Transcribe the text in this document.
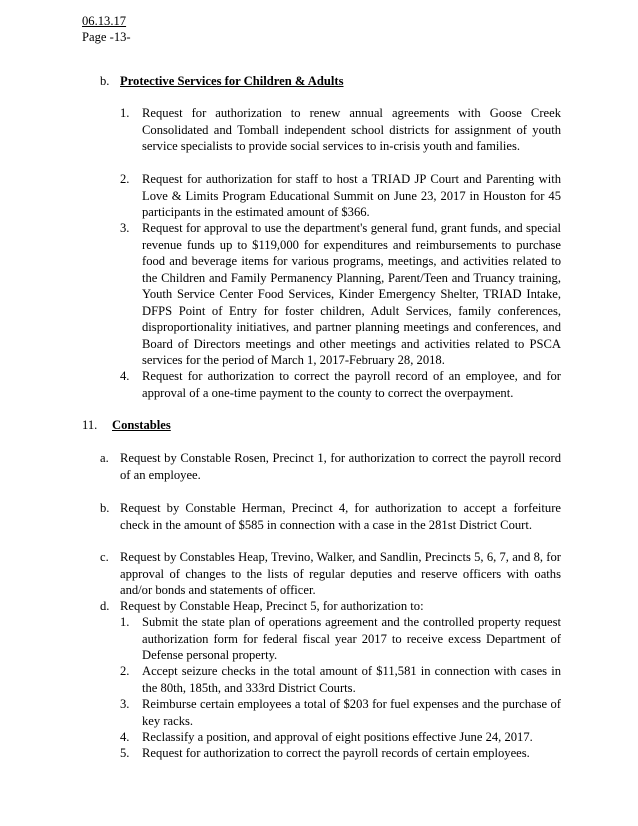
06.13.17
Page -13-
b. Protective Services for Children & Adults
1. Request for authorization to renew annual agreements with Goose Creek Consolidated and Tomball independent school districts for assignment of youth service specialists to provide social services to in-crisis youth and families.
2. Request for authorization for staff to host a TRIAD JP Court and Parenting with Love & Limits Program Educational Summit on June 23, 2017 in Houston for 45 participants in the estimated amount of $366.
3. Request for approval to use the department's general fund, grant funds, and special revenue funds up to $119,000 for expenditures and reimbursements to purchase food and beverage items for various programs, meetings, and activities related to the Children and Family Permanency Planning, Parent/Teen and Truancy training, Youth Service Center Food Services, Kinder Emergency Shelter, TRIAD Intake, DFPS Point of Entry for foster children, Adult Services, family conferences, disproportionality initiatives, and partner planning meetings and conferences, and Board of Directors meetings and other meetings and activities related to PSCA services for the period of March 1, 2017-February 28, 2018.
4. Request for authorization to correct the payroll record of an employee, and for approval of a one-time payment to the county to correct the overpayment.
11. Constables
a. Request by Constable Rosen, Precinct 1, for authorization to correct the payroll record of an employee.
b. Request by Constable Herman, Precinct 4, for authorization to accept a forfeiture check in the amount of $585 in connection with a case in the 281st District Court.
c. Request by Constables Heap, Trevino, Walker, and Sandlin, Precincts 5, 6, 7, and 8, for approval of changes to the lists of regular deputies and reserve officers with oaths and/or bonds and statements of officer.
d. Request by Constable Heap, Precinct 5, for authorization to:
1. Submit the state plan of operations agreement and the controlled property request authorization form for federal fiscal year 2017 to receive excess Department of Defense personal property.
2. Accept seizure checks in the total amount of $11,581 in connection with cases in the 80th, 185th, and 333rd District Courts.
3. Reimburse certain employees a total of $203 for fuel expenses and the purchase of key racks.
4. Reclassify a position, and approval of eight positions effective June 24, 2017.
5. Request for authorization to correct the payroll records of certain employees.
